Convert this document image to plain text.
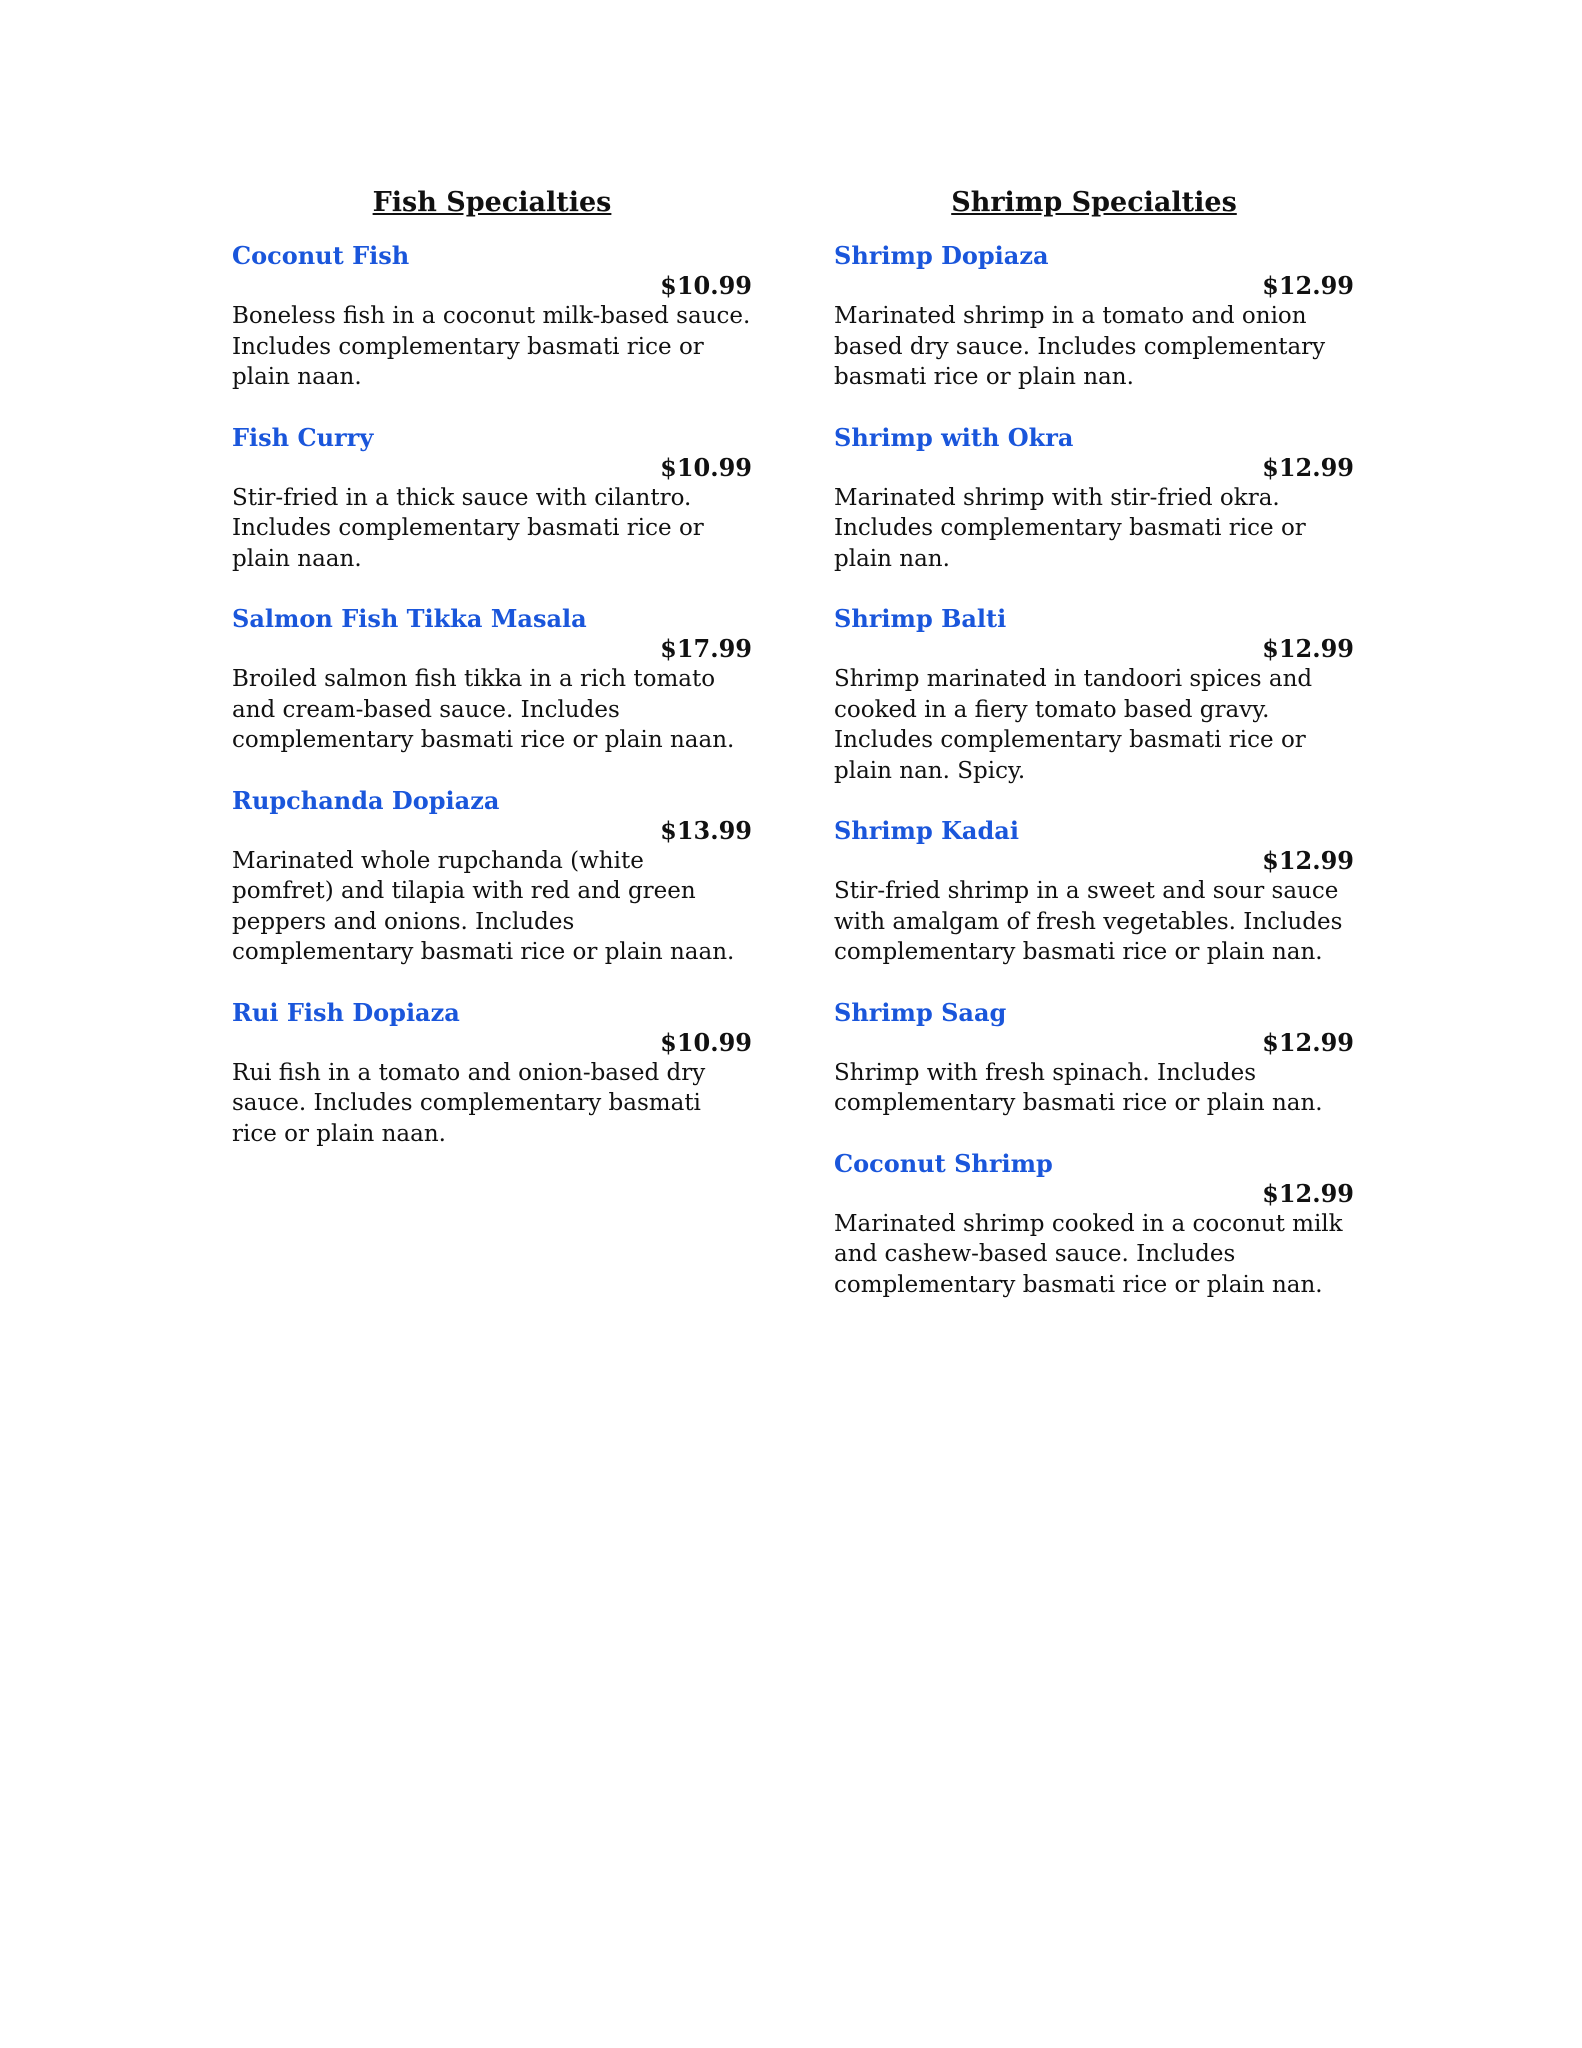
Fish Specialties
Coconut Fish
$10.99
Boneless fish in a coconut milk-based sauce. Includes complementary basmati rice or plain naan.
Fish Curry
$10.99
Stir-fried in a thick sauce with cilantro. Includes complementary basmati rice or plain naan.
Salmon Fish Tikka Masala
$17.99
Broiled salmon fish tikka in a rich tomato and cream-based sauce. Includes complementary basmati rice or plain naan.
Rupchanda Dopiaza
$13.99
Marinated whole rupchanda (white pomfret) and tilapia with red and green peppers and onions. Includes complementary basmati rice or plain naan.
Rui Fish Dopiaza
$10.99
Rui fish in a tomato and onion-based dry sauce. Includes complementary basmati rice or plain naan.
Shrimp Specialties
Shrimp Dopiaza
$12.99
Marinated shrimp in a tomato and onion based dry sauce. Includes complementary basmati rice or plain nan.
Shrimp with Okra
$12.99
Marinated shrimp with stir-fried okra. Includes complementary basmati rice or plain nan.
Shrimp Balti
$12.99
Shrimp marinated in tandoori spices and cooked in a fiery tomato based gravy. Includes complementary basmati rice or plain nan. Spicy.
Shrimp Kadai
$12.99
Stir-fried shrimp in a sweet and sour sauce with amalgam of fresh vegetables. Includes complementary basmati rice or plain nan.
Shrimp Saag
$12.99
Shrimp with fresh spinach. Includes complementary basmati rice or plain nan.
Coconut Shrimp
$12.99
Marinated shrimp cooked in a coconut milk and cashew-based sauce. Includes complementary basmati rice or plain nan.
